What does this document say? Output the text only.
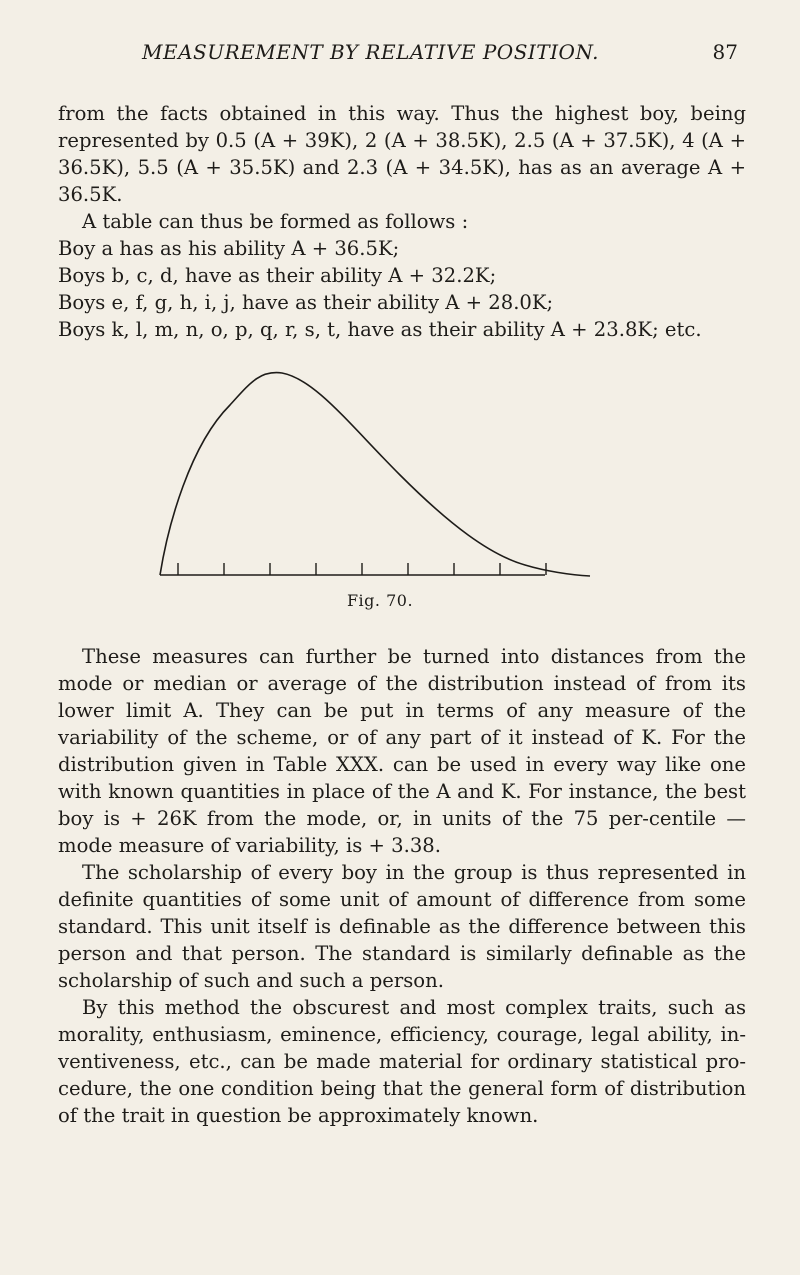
MEASUREMENT BY RELATIVE POSITION.	87

from the facts obtained in this way. Thus the highest boy, being represented by 0.5 (A + 39K), 2 (A + 38.5K), 2.5 (A + 37.5K), 4 (A + 36.5K), 5.5 (A + 35.5K) and 2.3 (A + 34.5K), has as an average A + 36.5K.

A table can thus be formed as follows :

Boy a has as his ability A + 36.5K;

Boys b, c, d, have as their ability A + 32.2K;

Boys e, f, g, h, i, j, have as their ability A + 28.0K;

Boys k, l, m, n, o, p, q, r, s, t, have as their ability A + 23.8K; etc.

Fig. 70.

These measures can further be turned into distances from the mode or median or average of the distribution instead of from its lower limit A. They can be put in terms of any measure of the variability of the scheme, or of any part of it instead of K. For the distribution given in Table XXX. can be used in every way like one with known quantities in place of the A and K. For instance, the best boy is + 26K from the mode, or, in units of the 75 per-centile — mode measure of variability, is + 3.38.

The scholarship of every boy in the group is thus represented in definite quantities of some unit of amount of difference from some standard. This unit itself is definable as the difference between this person and that person. The standard is similarly definable as the scholarship of such and such a person.

By this method the obscurest and most complex traits, such as morality, enthusiasm, eminence, efficiency, courage, legal ability, in-ventiveness, etc., can be made material for ordinary statistical pro-cedure, the one condition being that the general form of distribution of the trait in question be approximately known.
